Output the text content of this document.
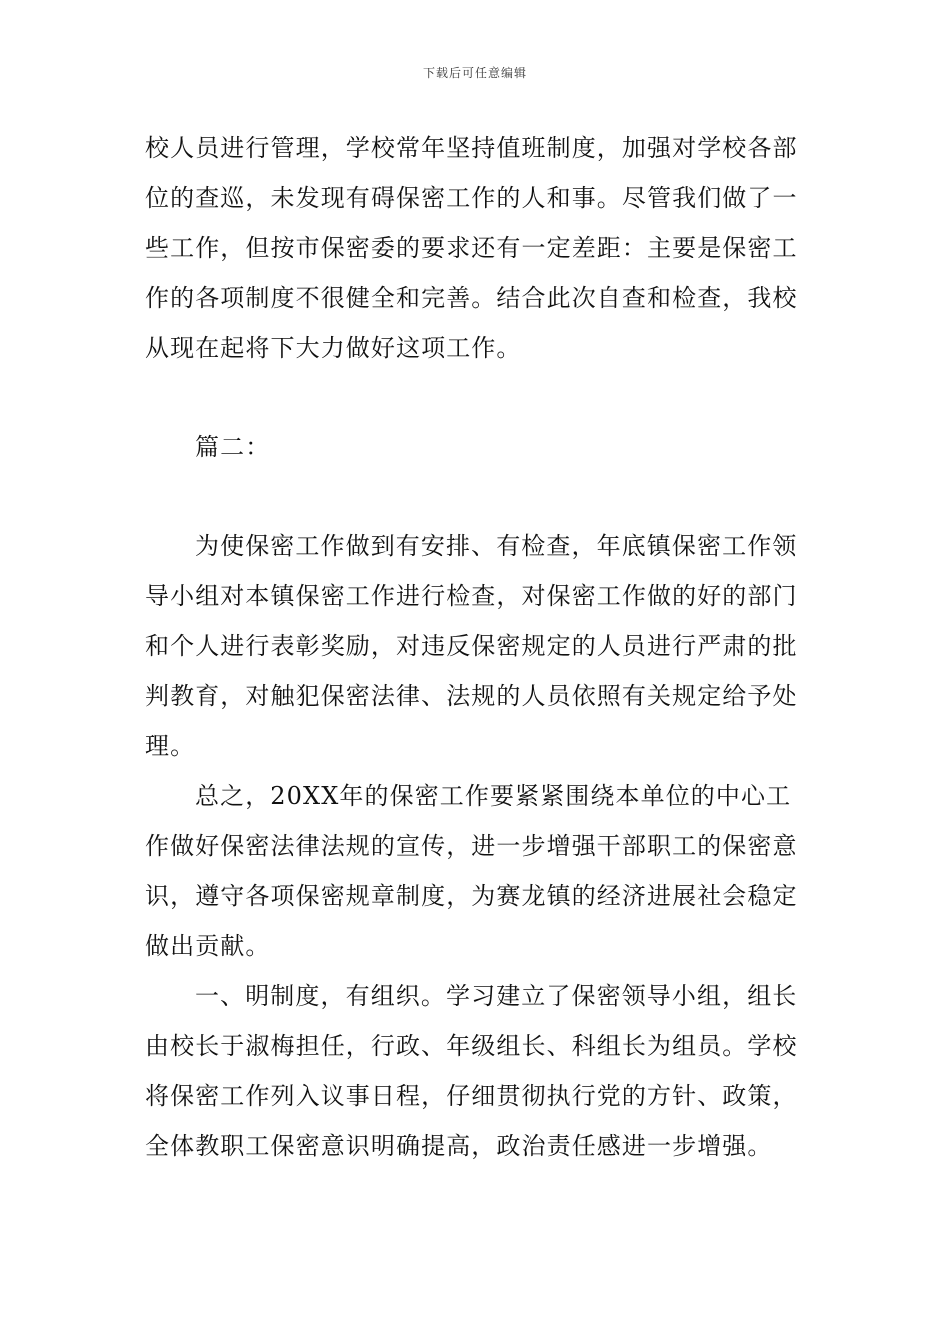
下载后可任意编辑

校人员进行管理，学校常年坚持值班制度，加强对学校各部位的查巡，未发现有碍保密工作的人和事。尽管我们做了一些工作，但按市保密委的要求还有一定差距：主要是保密工作的各项制度不很健全和完善。结合此次自查和检查，我校从现在起将下大力做好这项工作。

篇二：

为使保密工作做到有安排、有检查，年底镇保密工作领导小组对本镇保密工作进行检查，对保密工作做的好的部门和个人进行表彰奖励，对违反保密规定的人员进行严肃的批判教育，对触犯保密法律、法规的人员依照有关规定给予处理。

总之，20XX年的保密工作要紧紧围绕本单位的中心工作做好保密法律法规的宣传，进一步增强干部职工的保密意识，遵守各项保密规章制度，为赛龙镇的经济进展社会稳定做出贡献。

一、明制度，有组织。学习建立了保密领导小组，组长由校长于淑梅担任，行政、年级组长、科组长为组员。学校将保密工作列入议事日程，仔细贯彻执行党的方针、政策，全体教职工保密意识明确提高，政治责任感进一步增强。
